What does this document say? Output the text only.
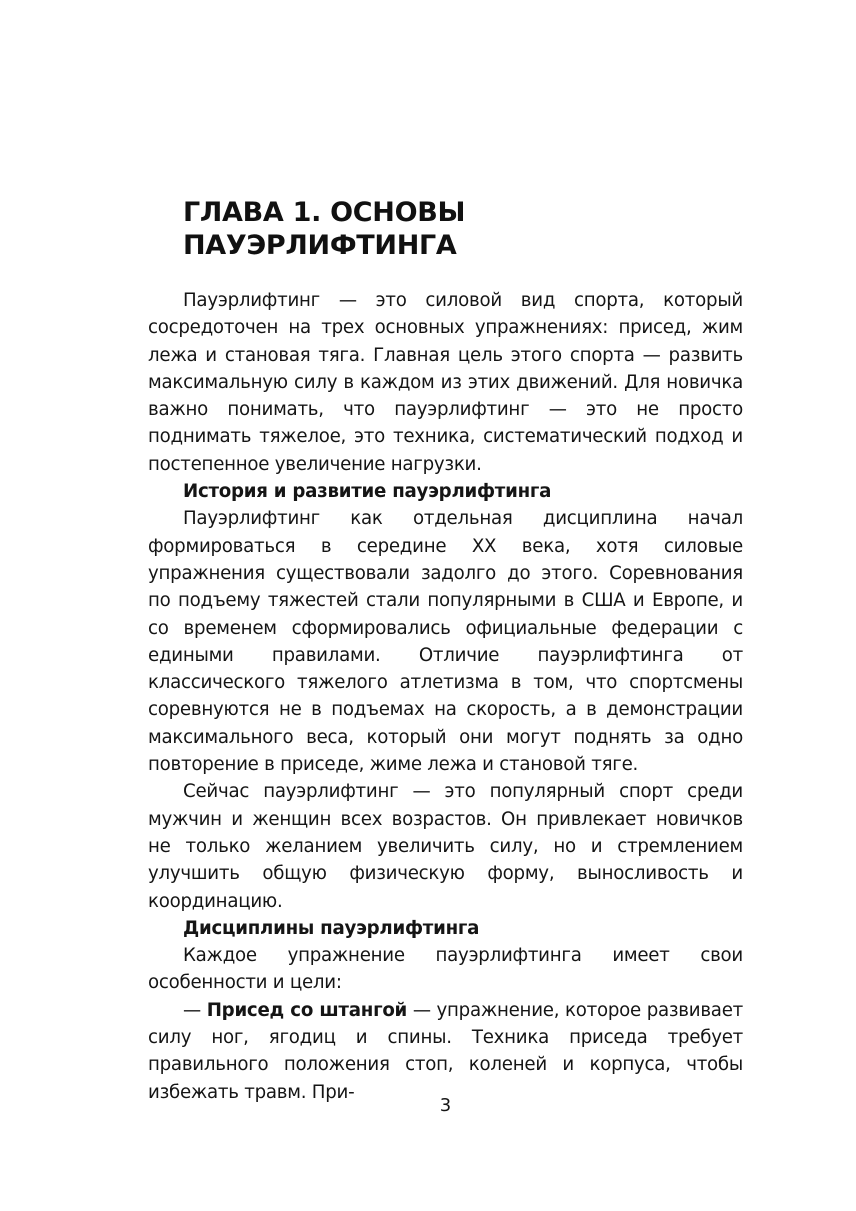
ГЛАВА 1. ОСНОВЫ
ПАУЭРЛИФТИНГА

Пауэрлифтинг — это силовой вид спорта, который сосредоточен на трех основных упражнениях: присед, жим лежа и становая тяга. Главная цель этого спорта — развить максимальную силу в каждом из этих движений. Для новичка важно понимать, что пауэрлифтинг — это не просто поднимать тяжелое, это техника, систематический подход и постепенное увеличение нагрузки.

История и развитие пауэрлифтинга

Пауэрлифтинг как отдельная дисциплина начал формироваться в середине XX века, хотя силовые упражнения существовали задолго до этого. Соревнования по подъему тяжестей стали популярными в США и Европе, и со временем сформировались официальные федерации с едиными правилами. Отличие пауэрлифтинга от классического тяжелого атлетизма в том, что спортсмены соревнуются не в подъемах на скорость, а в демонстрации максимального веса, который они могут поднять за одно повторение в приседе, жиме лежа и становой тяге.

Сейчас пауэрлифтинг — это популярный спорт среди мужчин и женщин всех возрастов. Он привлекает новичков не только желанием увеличить силу, но и стремлением улучшить общую физическую форму, выносливость и координацию.

Дисциплины пауэрлифтинга

Каждое упражнение пауэрлифтинга имеет свои особенности и цели:

— Присед со штангой — упражнение, которое развивает силу ног, ягодиц и спины. Техника приседа требует правильного положения стоп, коленей и корпуса, чтобы избежать травм. При-

3
